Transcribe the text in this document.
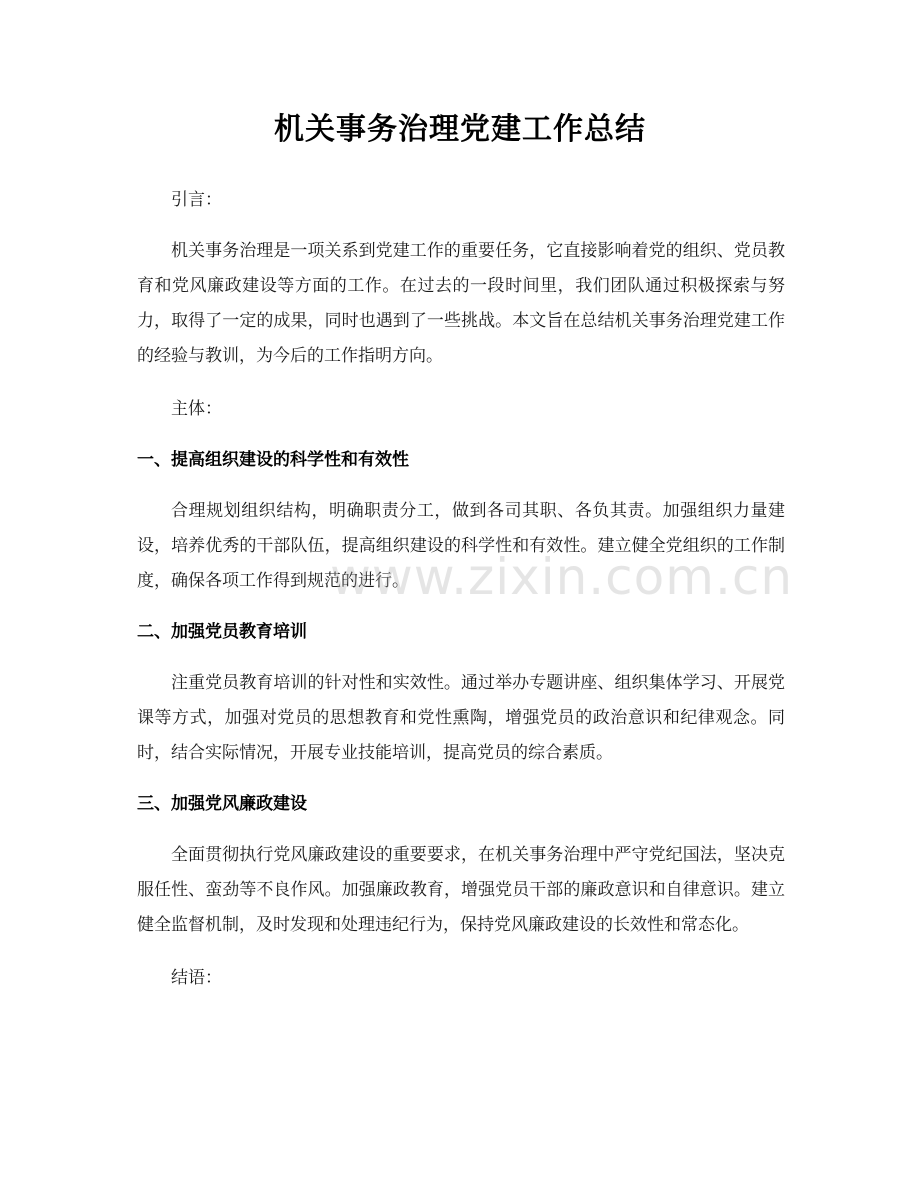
机关事务治理党建工作总结

引言：

机关事务治理是一项关系到党建工作的重要任务，它直接影响着党的组织、党员教育和党风廉政建设等方面的工作。在过去的一段时间里，我们团队通过积极探索与努力，取得了一定的成果，同时也遇到了一些挑战。本文旨在总结机关事务治理党建工作的经验与教训，为今后的工作指明方向。

主体：

一、提高组织建设的科学性和有效性

合理规划组织结构，明确职责分工，做到各司其职、各负其责。加强组织力量建设，培养优秀的干部队伍，提高组织建设的科学性和有效性。建立健全党组织的工作制度，确保各项工作得到规范的进行。

二、加强党员教育培训

注重党员教育培训的针对性和实效性。通过举办专题讲座、组织集体学习、开展党课等方式，加强对党员的思想教育和党性熏陶，增强党员的政治意识和纪律观念。同时，结合实际情况，开展专业技能培训，提高党员的综合素质。

三、加强党风廉政建设

全面贯彻执行党风廉政建设的重要要求，在机关事务治理中严守党纪国法，坚决克服任性、蛮劲等不良作风。加强廉政教育，增强党员干部的廉政意识和自律意识。建立健全监督机制，及时发现和处理违纪行为，保持党风廉政建设的长效性和常态化。

结语：

www.zixin.com.cn
